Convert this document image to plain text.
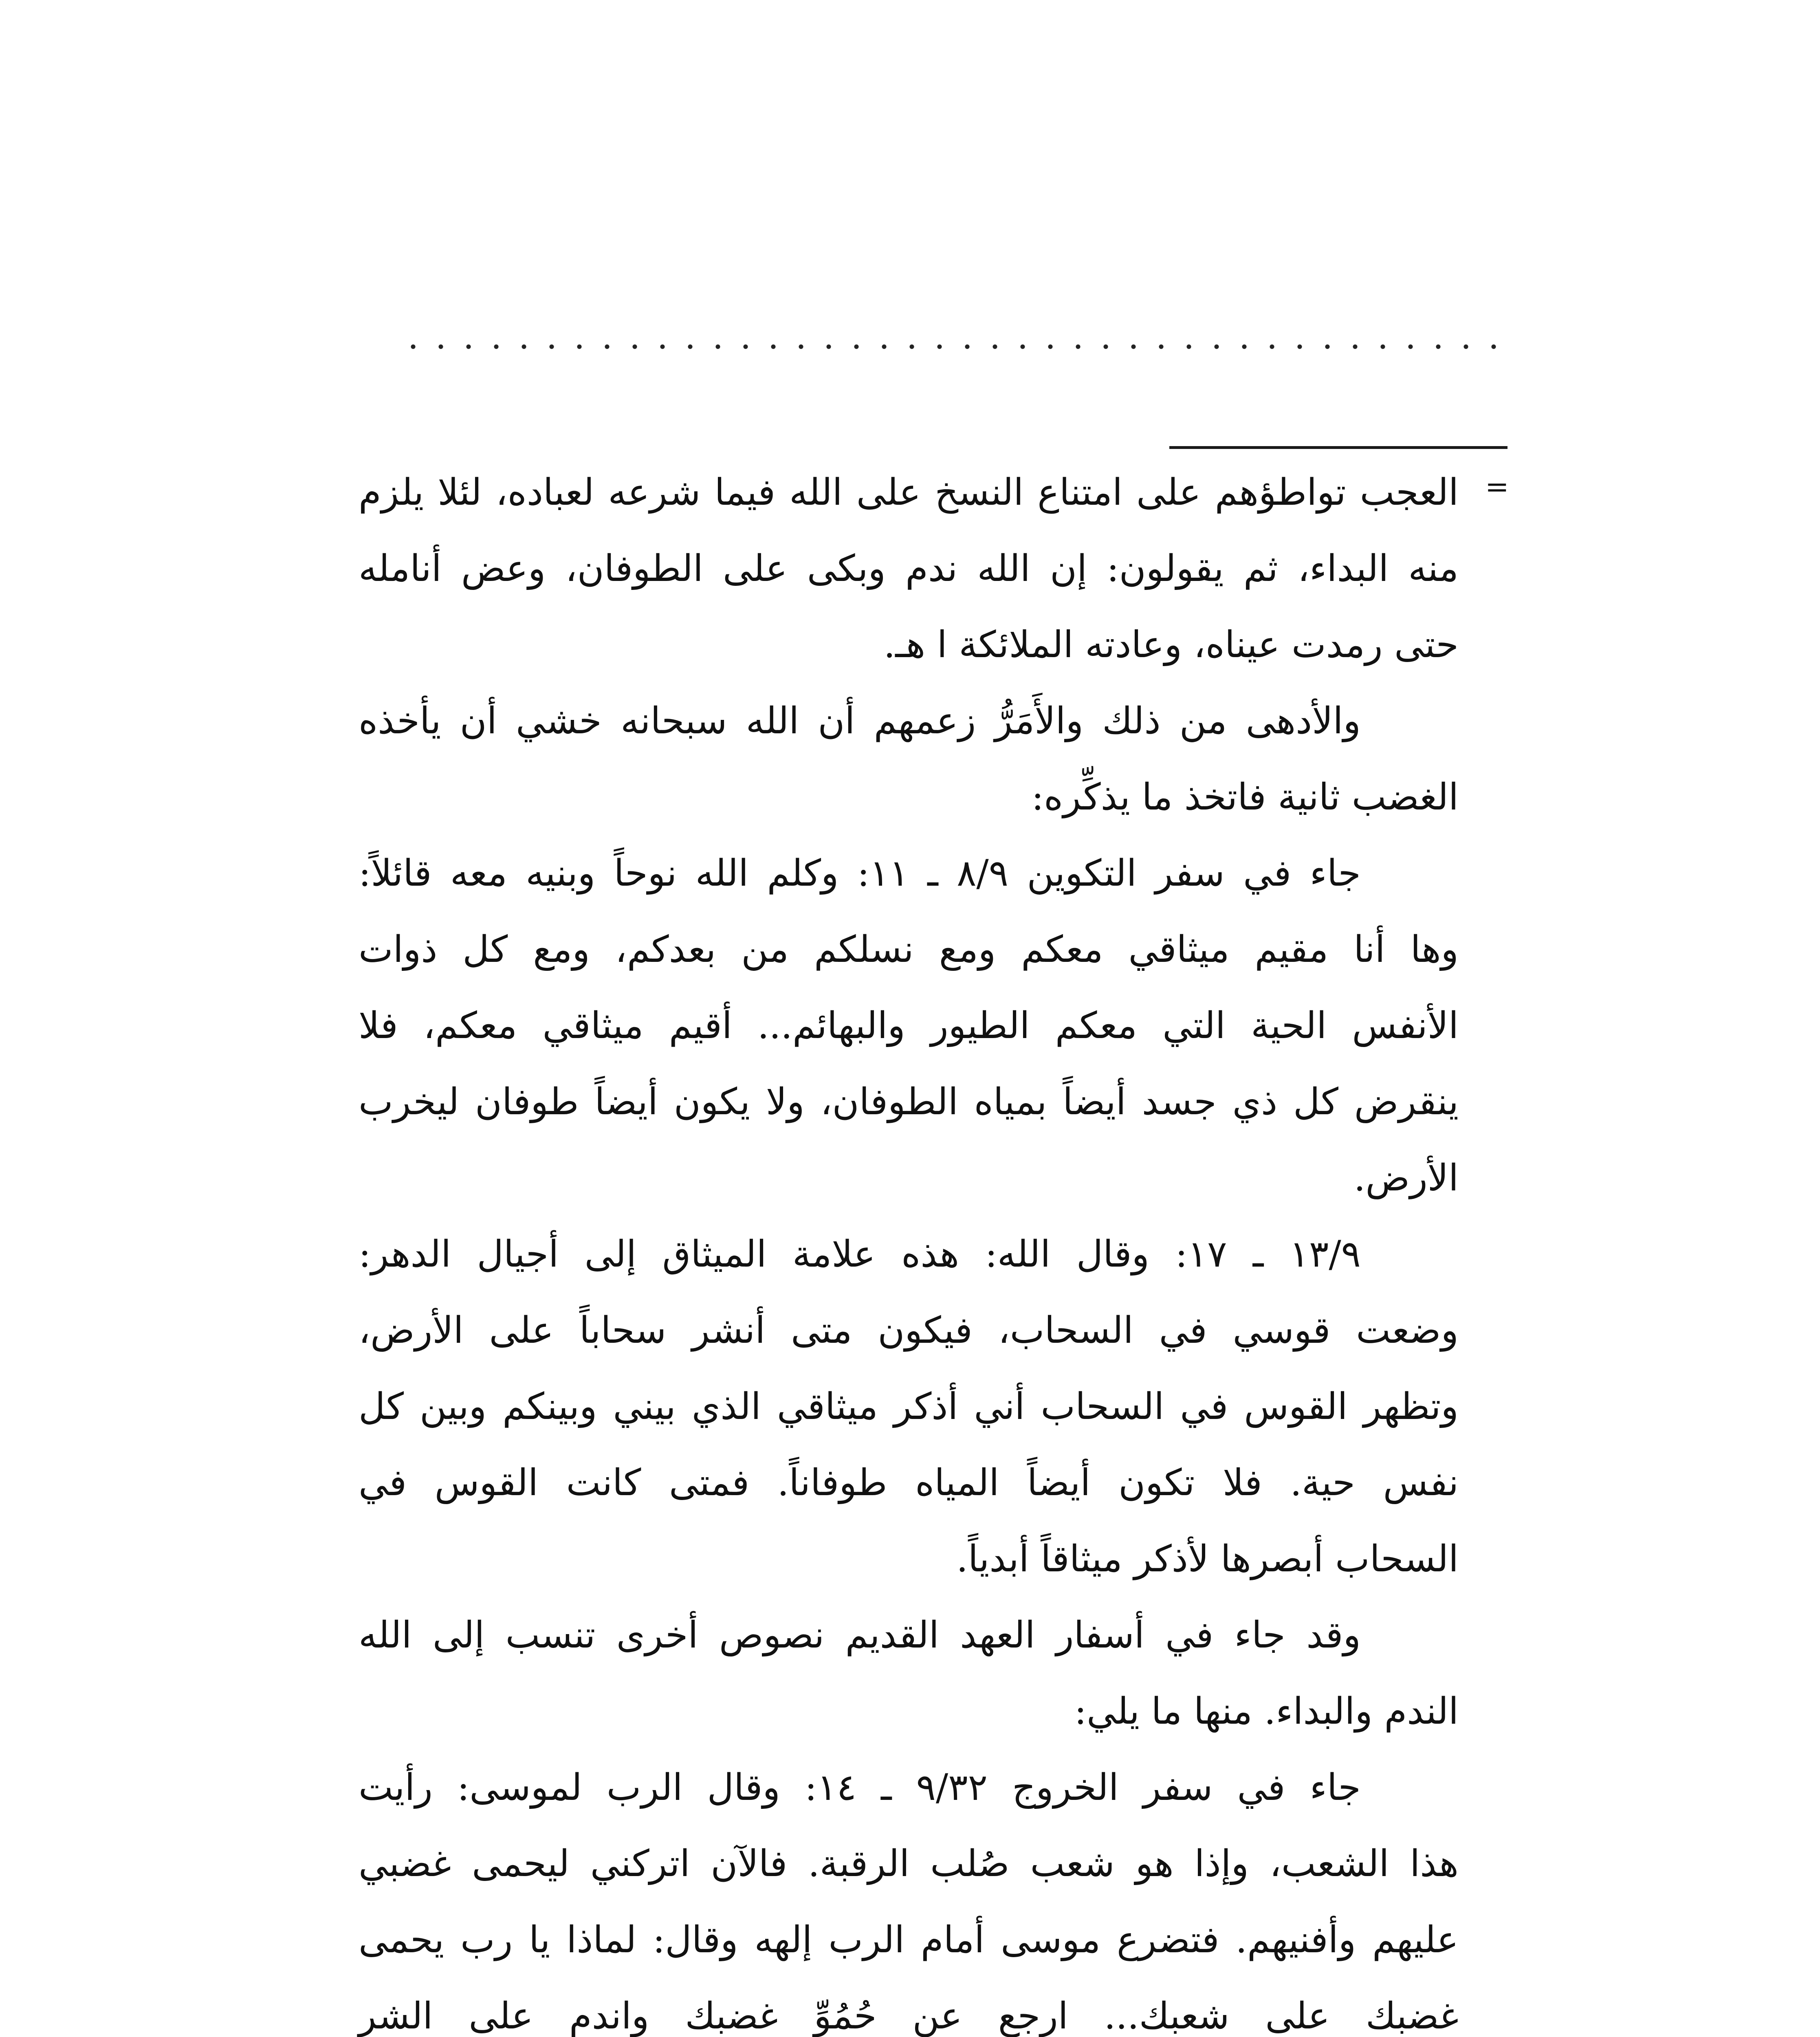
=
العجب تواطؤهم على امتناع النسخ على الله فيما شرعه لعباده، لئلا يلزم
منه البداء، ثم يقولون: إن الله ندم وبكى على الطوفان، وعض أنامله
حتى رمدت عيناه، وعادته الملائكة ا هـ.
والأدهى من ذلك والأَمَرُّ زعمهم أن الله سبحانه خشي أن يأخذه
الغضب ثانية فاتخذ ما يذكِّره:
جاء في سفر التكوين ٨/٩ ـ ١١: وكلم الله نوحاً وبنيه معه قائلاً:
وها أنا مقيم ميثاقي معكم ومع نسلكم من بعدكم، ومع كل ذوات
الأنفس الحية التي معكم الطيور والبهائم... أقيم ميثاقي معكم، فلا
ينقرض كل ذي جسد أيضاً بمياه الطوفان، ولا يكون أيضاً طوفان ليخرب
الأرض.
١٣/٩ ـ ١٧: وقال الله: هذه علامة الميثاق إلى أجيال الدهر:
وضعت قوسي في السحاب، فيكون متى أنشر سحاباً على الأرض،
وتظهر القوس في السحاب أني أذكر ميثاقي الذي بيني وبينكم وبين كل
نفس حية. فلا تكون أيضاً المياه طوفاناً. فمتى كانت القوس في
السحاب أبصرها لأذكر ميثاقاً أبدياً.
وقد جاء في أسفار العهد القديم نصوص أخرى تنسب إلى الله
الندم والبداء. منها ما يلي:
جاء في سفر الخروج ٩/٣٢ ـ ١٤: وقال الرب لموسى: رأيت
هذا الشعب، وإذا هو شعب صُلب الرقبة. فالآن اتركني ليحمى غضبي
عليهم وأفنيهم. فتضرع موسى أمام الرب إلهه وقال: لماذا يا رب يحمى
غضبك على شعبك... ارجع عن حُمُوِّ غضبك واندم على الشر
